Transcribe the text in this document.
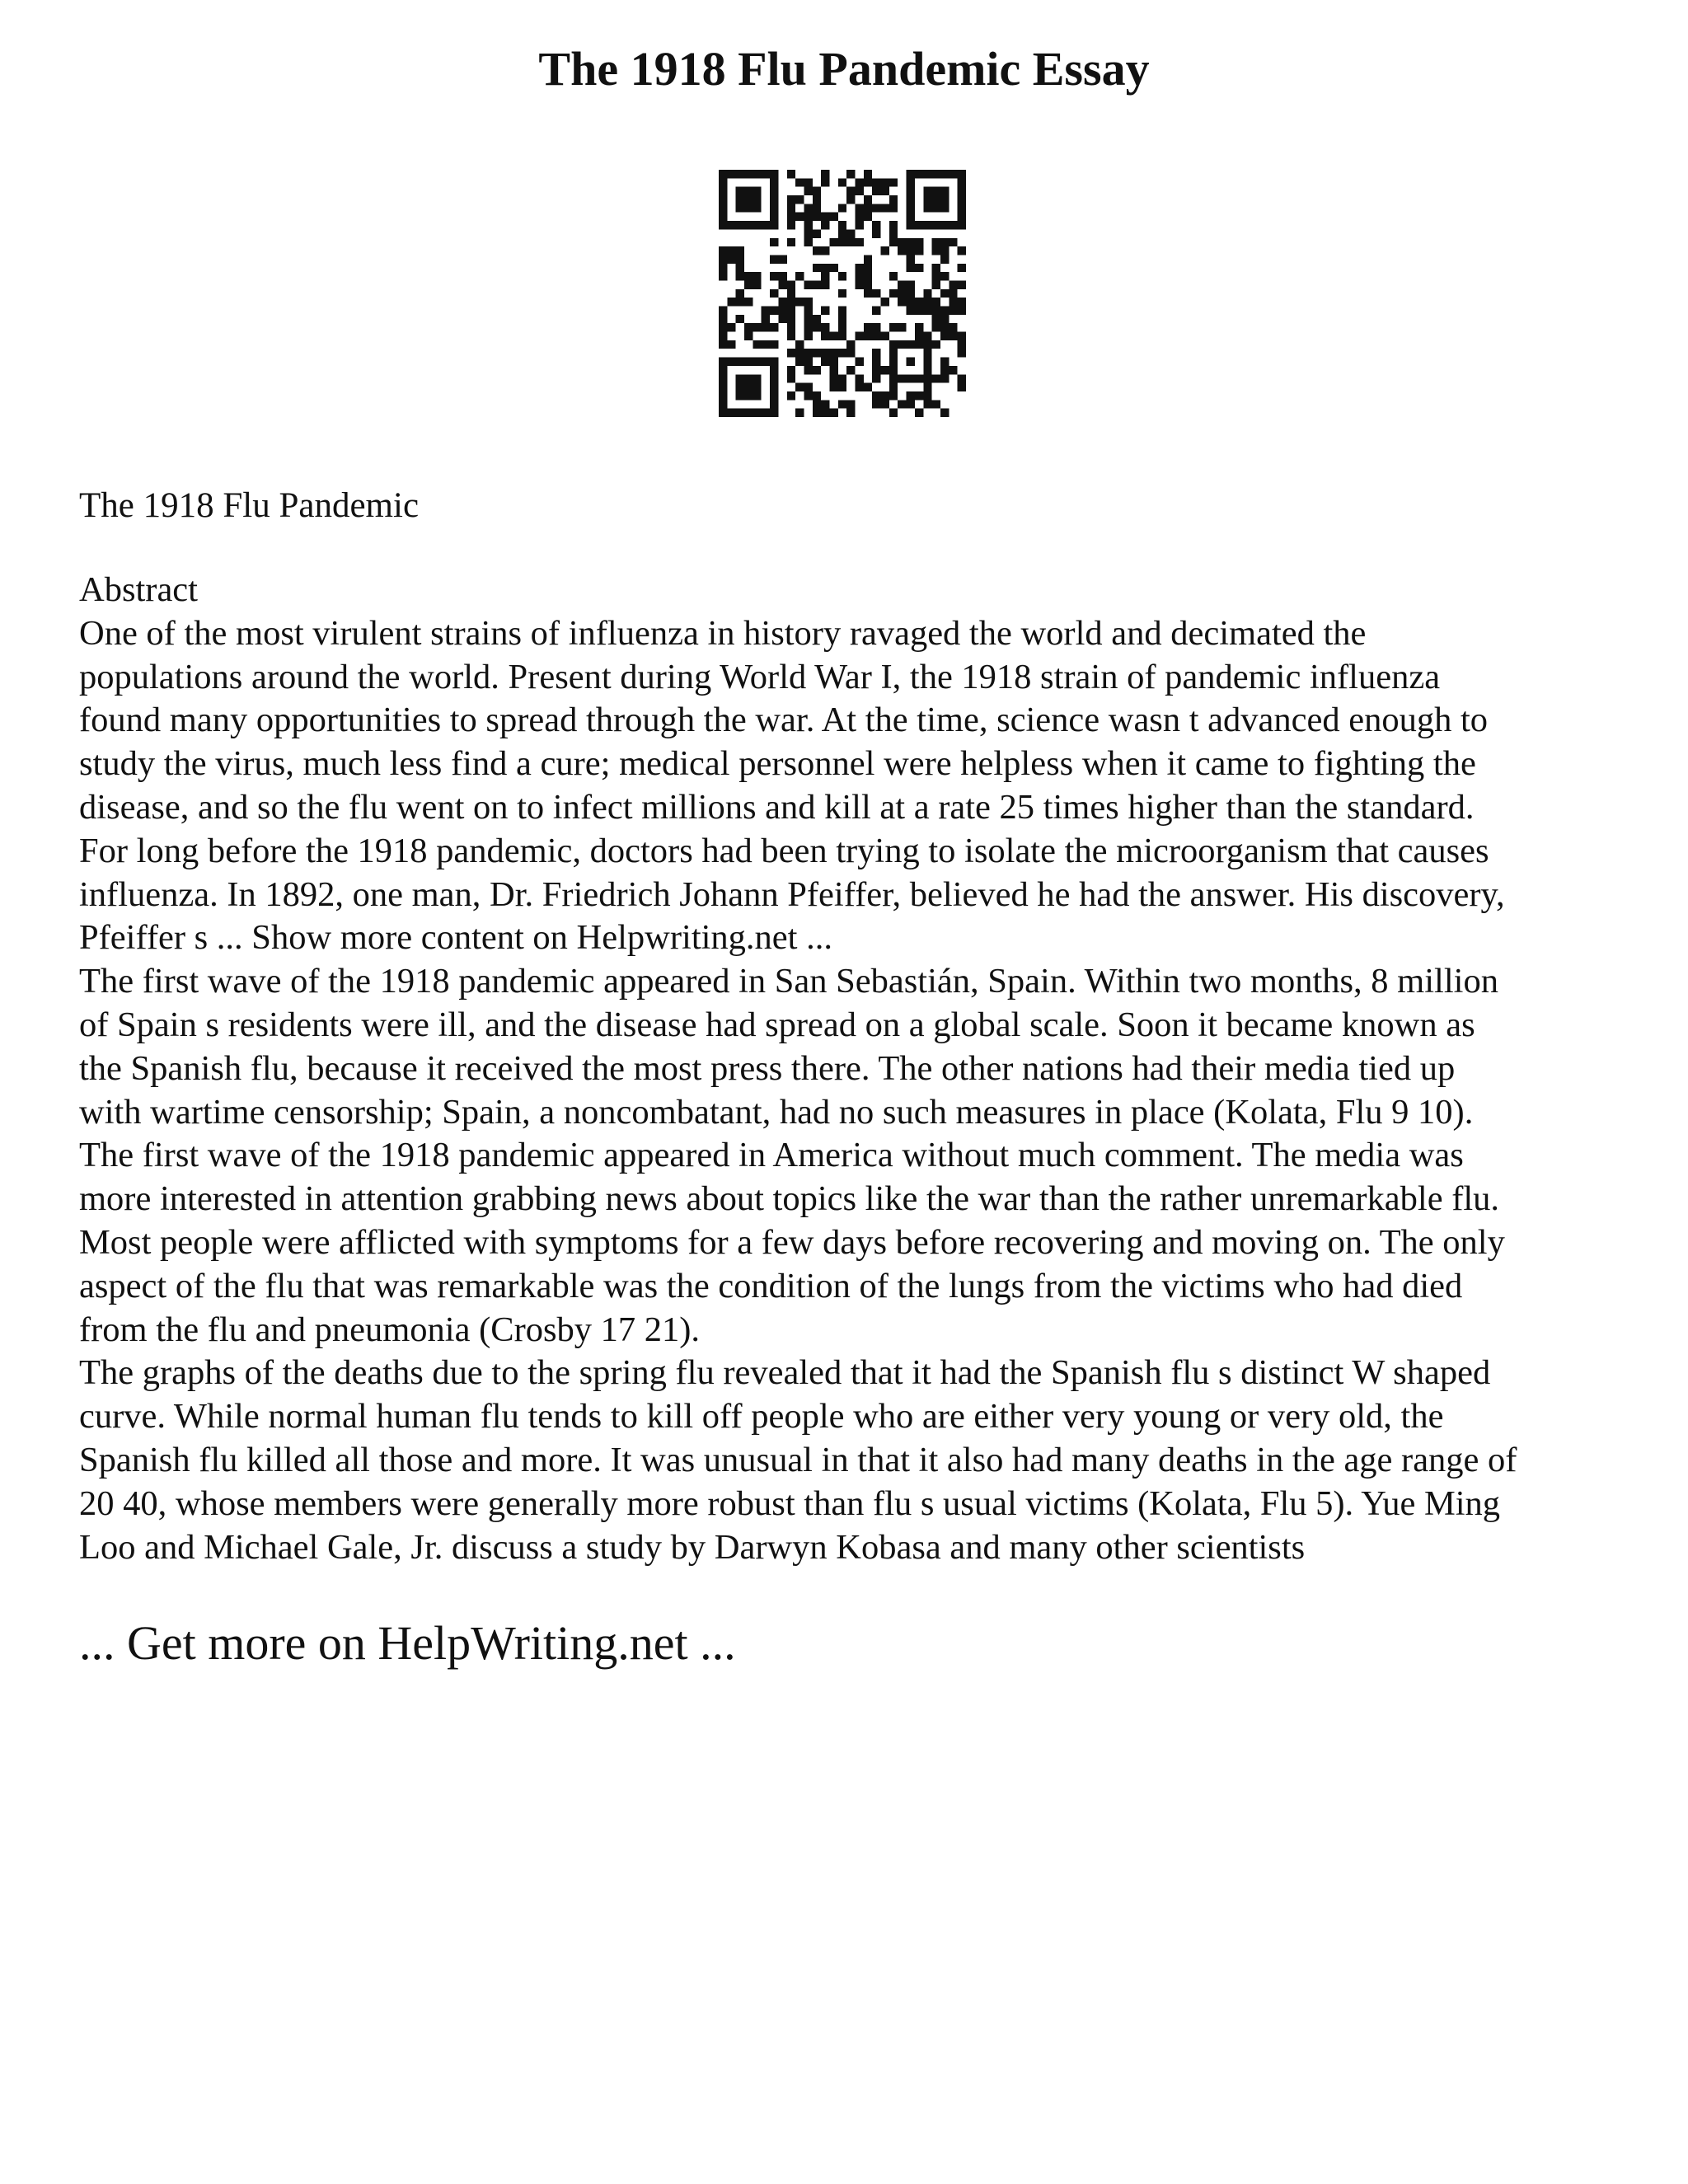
The 1918 Flu Pandemic Essay
The 1918 Flu Pandemic

Abstract
One of the most virulent strains of influenza in history ravaged the world and decimated the
populations around the world. Present during World War I, the 1918 strain of pandemic influenza
found many opportunities to spread through the war. At the time, science wasn t advanced enough to
study the virus, much less find a cure; medical personnel were helpless when it came to fighting the
disease, and so the flu went on to infect millions and kill at a rate 25 times higher than the standard.
For long before the 1918 pandemic, doctors had been trying to isolate the microorganism that causes
influenza. In 1892, one man, Dr. Friedrich Johann Pfeiffer, believed he had the answer. His discovery,
Pfeiffer s ... Show more content on Helpwriting.net ...
The first wave of the 1918 pandemic appeared in San Sebastián, Spain. Within two months, 8 million
of Spain s residents were ill, and the disease had spread on a global scale. Soon it became known as
the Spanish flu, because it received the most press there. The other nations had their media tied up
with wartime censorship; Spain, a noncombatant, had no such measures in place (Kolata, Flu 9 10).
The first wave of the 1918 pandemic appeared in America without much comment. The media was
more interested in attention grabbing news about topics like the war than the rather unremarkable flu.
Most people were afflicted with symptoms for a few days before recovering and moving on. The only
aspect of the flu that was remarkable was the condition of the lungs from the victims who had died
from the flu and pneumonia (Crosby 17 21).
The graphs of the deaths due to the spring flu revealed that it had the Spanish flu s distinct W shaped
curve. While normal human flu tends to kill off people who are either very young or very old, the
Spanish flu killed all those and more. It was unusual in that it also had many deaths in the age range of
20 40, whose members were generally more robust than flu s usual victims (Kolata, Flu 5). Yue Ming
Loo and Michael Gale, Jr. discuss a study by Darwyn Kobasa and many other scientists

... Get more on HelpWriting.net ...
